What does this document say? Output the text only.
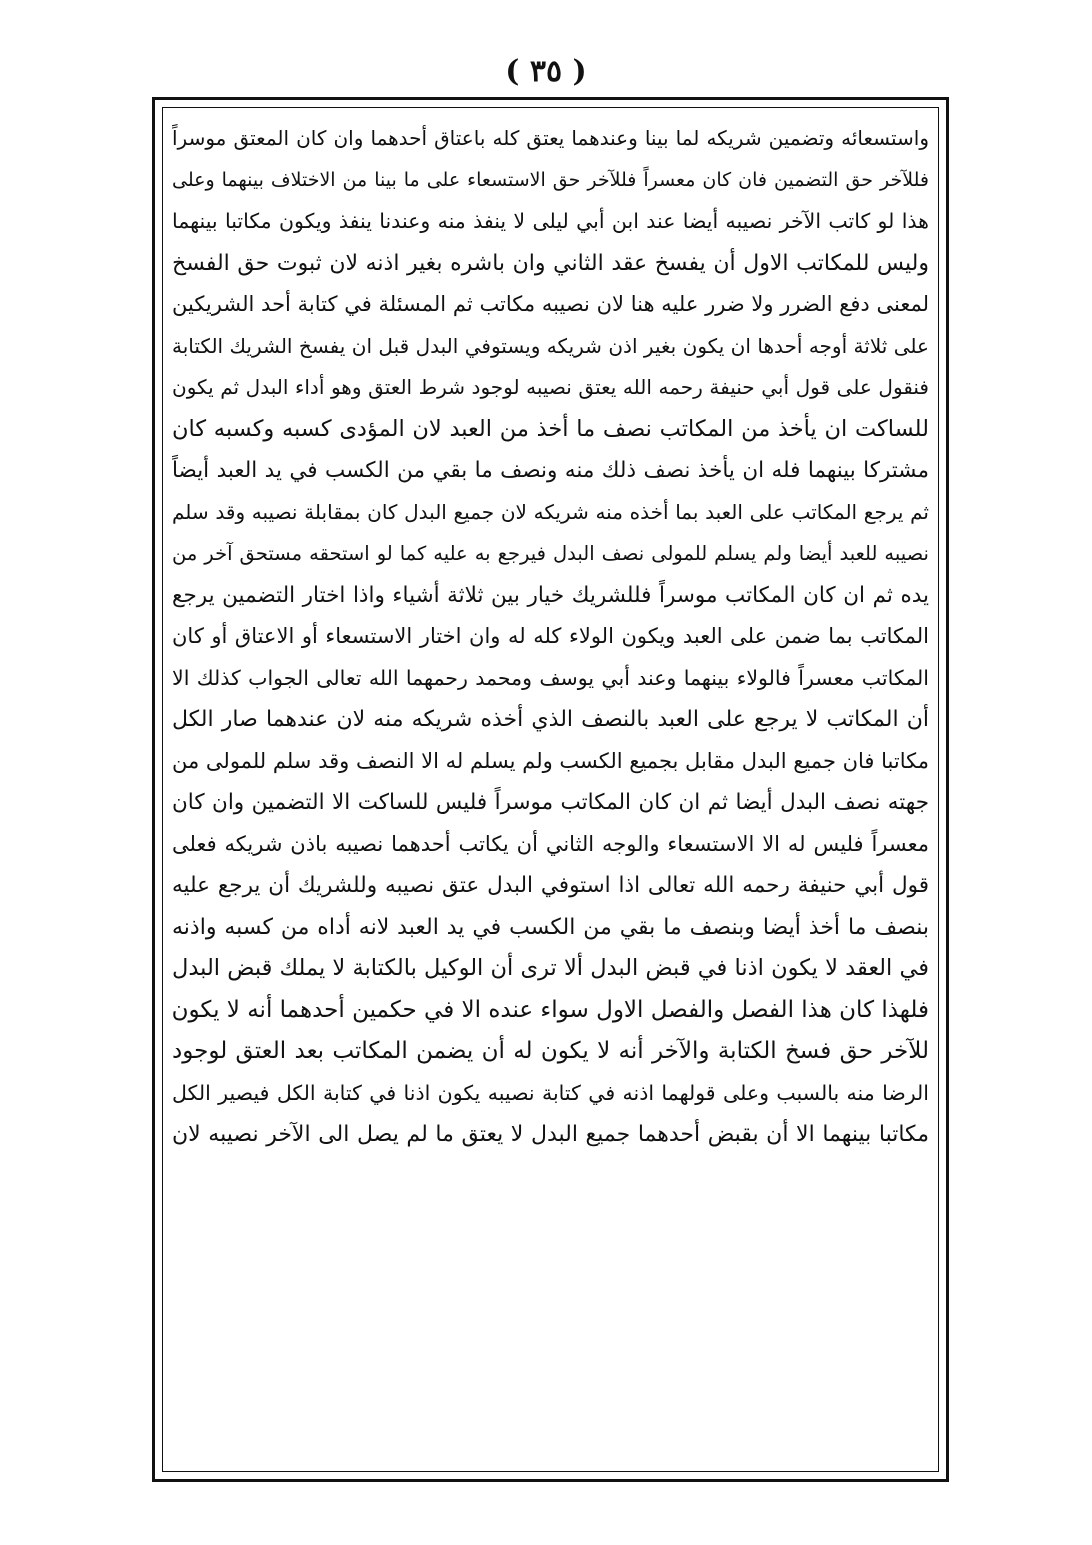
( ٣٥ )
واستسعائه وتضمين شريكه لما بينا وعندهما يعتق كله باعتاق أحدهما وان كان المعتق موسراً
فللآخر حق التضمين فان كان معسراً فللآخر حق الاستسعاء على ما بينا من الاختلاف بينهما وعلى
هذا لو كاتب الآخر نصيبه أيضا عند ابن أبي ليلى لا ينفذ منه وعندنا ينفذ ويكون مكاتبا بينهما
وليس للمكاتب الاول أن يفسخ عقد الثاني وان باشره بغير اذنه لان ثبوت حق الفسخ
لمعنى دفع الضرر ولا ضرر عليه هنا لان نصيبه مكاتب ثم المسئلة في كتابة أحد الشريكين
على ثلاثة أوجه أحدها ان يكون بغير اذن شريكه ويستوفي البدل قبل ان يفسخ الشريك الكتابة
فنقول على قول أبي حنيفة رحمه الله يعتق نصيبه لوجود شرط العتق وهو أداء البدل ثم يكون
للساكت ان يأخذ من المكاتب نصف ما أخذ من العبد لان المؤدى كسبه وكسبه كان
مشتركا بينهما فله ان يأخذ نصف ذلك منه ونصف ما بقي من الكسب في يد العبد أيضاً
ثم يرجع المكاتب على العبد بما أخذه منه شريكه لان جميع البدل كان بمقابلة نصيبه وقد سلم
نصيبه للعبد أيضا ولم يسلم للمولى نصف البدل فيرجع به عليه كما لو استحقه مستحق آخر من
يده ثم ان كان المكاتب موسراً فللشريك خيار بين ثلاثة أشياء واذا اختار التضمين يرجع
المكاتب بما ضمن على العبد ويكون الولاء كله له وان اختار الاستسعاء أو الاعتاق أو كان
المكاتب معسراً فالولاء بينهما وعند أبي يوسف ومحمد رحمهما الله تعالى الجواب كذلك الا
أن المكاتب لا يرجع على العبد بالنصف الذي أخذه شريكه منه لان عندهما صار الكل
مكاتبا فان جميع البدل مقابل بجميع الكسب ولم يسلم له الا النصف وقد سلم للمولى من
جهته نصف البدل أيضا ثم ان كان المكاتب موسراً فليس للساكت الا التضمين وان كان
معسراً فليس له الا الاستسعاء والوجه الثاني أن يكاتب أحدهما نصيبه باذن شريكه فعلى
قول أبي حنيفة رحمه الله تعالى اذا استوفي البدل عتق نصيبه وللشريك أن يرجع عليه
بنصف ما أخذ أيضا وبنصف ما بقي من الكسب في يد العبد لانه أداه من كسبه واذنه
في العقد لا يكون اذنا في قبض البدل ألا ترى أن الوكيل بالكتابة لا يملك قبض البدل
فلهذا كان هذا الفصل والفصل الاول سواء عنده الا في حكمين أحدهما أنه لا يكون
للآخر حق فسخ الكتابة والآخر أنه لا يكون له أن يضمن المكاتب بعد العتق لوجود
الرضا منه بالسبب وعلى قولهما اذنه في كتابة نصيبه يكون اذنا في كتابة الكل فيصير الكل
مكاتبا بينهما الا أن بقبض أحدهما جميع البدل لا يعتق ما لم يصل الى الآخر نصيبه لان
